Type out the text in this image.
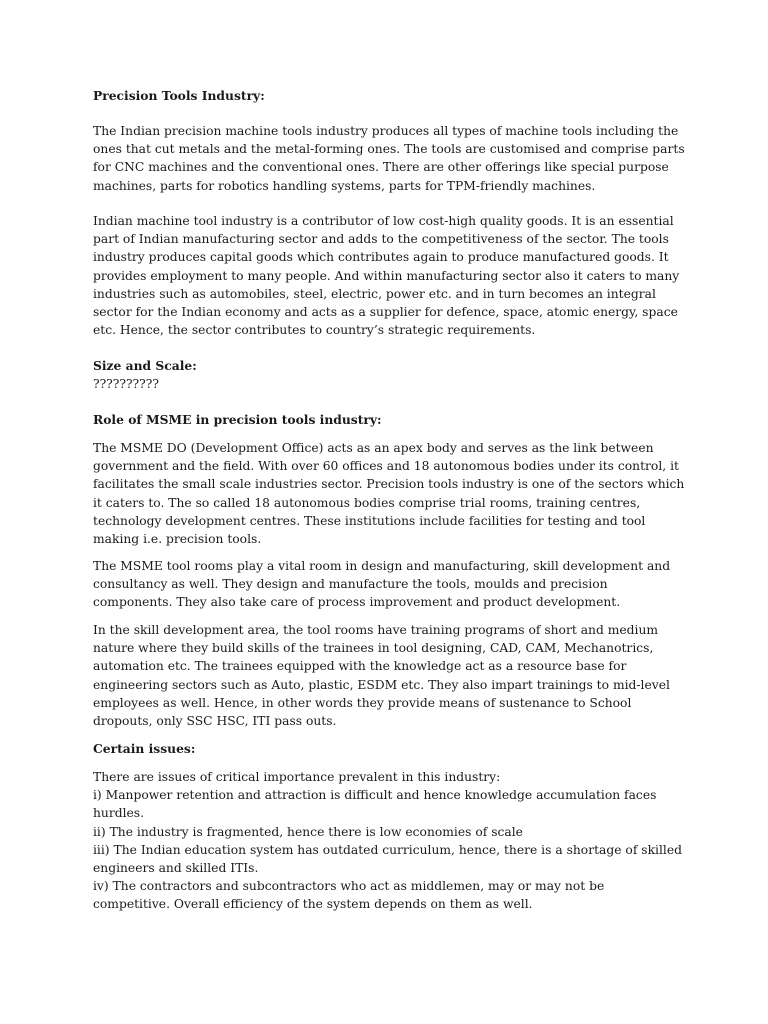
Precision Tools Industry:
The Indian precision machine tools industry produces all types of machine tools including the
ones that cut metals and the metal-forming ones. The tools are customised and comprise parts
for CNC machines and the conventional ones. There are other offerings like special purpose
machines, parts for robotics handling systems, parts for TPM-friendly machines.
Indian machine tool industry is a contributor of low cost-high quality goods. It is an essential
part of Indian manufacturing sector and adds to the competitiveness of the sector. The tools
industry produces capital goods which contributes again to produce manufactured goods. It
provides employment to many people. And within manufacturing sector also it caters to many
industries such as automobiles, steel, electric, power etc. and in turn becomes an integral
sector for the Indian economy and acts as a supplier for defence, space, atomic energy, space
etc. Hence, the sector contributes to country’s strategic requirements.
Size and Scale:
??????????
Role of MSME in precision tools industry:
The MSME DO (Development Office) acts as an apex body and serves as the link between
government and the field. With over 60 offices and 18 autonomous bodies under its control, it
facilitates the small scale industries sector. Precision tools industry is one of the sectors which
it caters to. The so called 18 autonomous bodies comprise trial rooms, training centres,
technology development centres. These institutions include facilities for testing and tool
making i.e. precision tools.
The MSME tool rooms play a vital room in design and manufacturing, skill development and
consultancy as well. They design and manufacture the tools, moulds and precision
components. They also take care of process improvement and product development.
In the skill development area, the tool rooms have training programs of short and medium
nature where they build skills of the trainees in tool designing, CAD, CAM, Mechanotrics,
automation etc. The trainees equipped with the knowledge act as a resource base for
engineering sectors such as Auto, plastic, ESDM etc. They also impart trainings to mid-level
employees as well. Hence, in other words they provide means of sustenance to School
dropouts, only SSC HSC, ITI pass outs.
Certain issues:
There are issues of critical importance prevalent in this industry:
i) Manpower retention and attraction is difficult and hence knowledge accumulation faces
hurdles.
ii) The industry is fragmented, hence there is low economies of scale
iii) The Indian education system has outdated curriculum, hence, there is a shortage of skilled
engineers and skilled ITIs.
iv) The contractors and subcontractors who act as middlemen, may or may not be
competitive. Overall efficiency of the system depends on them as well.
